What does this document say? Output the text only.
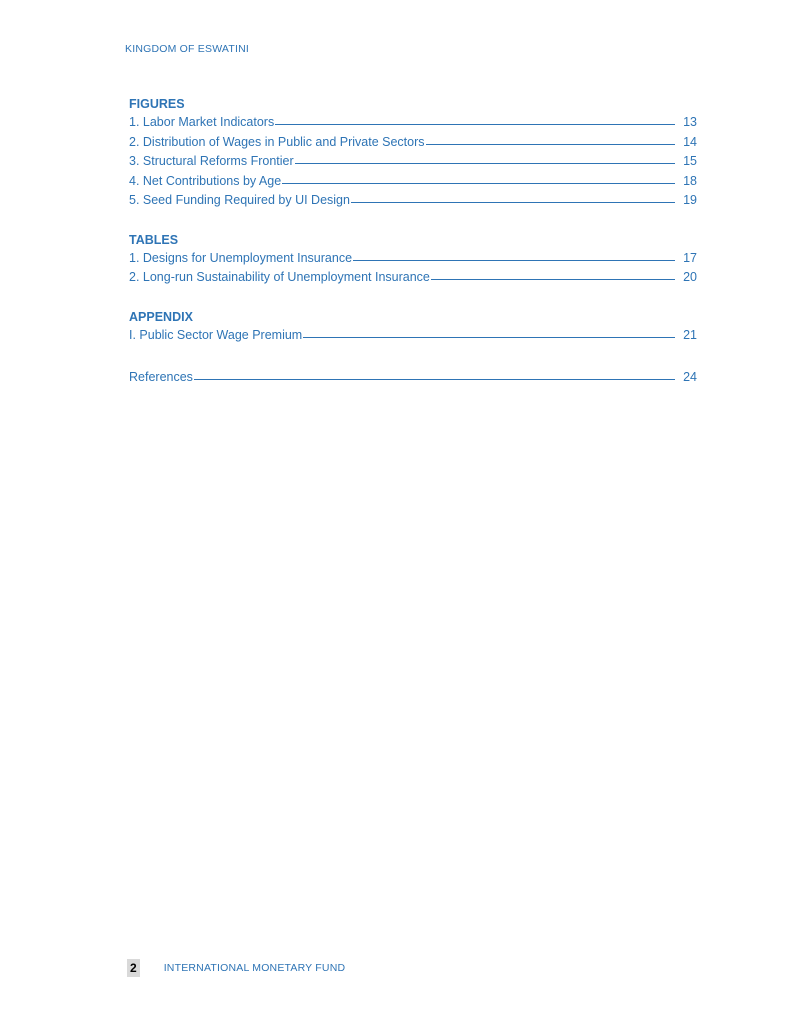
KINGDOM OF ESWATINI
FIGURES
1. Labor Market Indicators	13
2. Distribution of Wages in Public and Private Sectors	14
3. Structural Reforms Frontier	15
4. Net Contributions by Age	18
5. Seed Funding Required by UI Design	19
TABLES
1. Designs for Unemployment Insurance	17
2. Long-run Sustainability of Unemployment Insurance	20
APPENDIX
I. Public Sector Wage Premium	21
References	24
2	INTERNATIONAL MONETARY FUND
